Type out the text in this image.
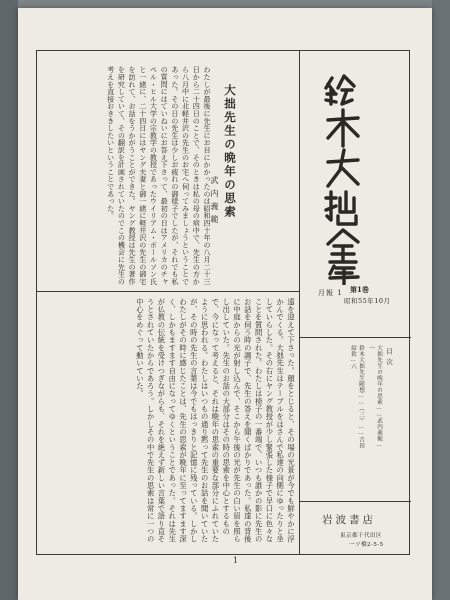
わたしが最後に先生にお目にかかったのは昭和四十年の八月二十三日から二十四日のことで、そのときは私の母の病中で、先生の方から八月中に北軽井沢の先生のお宅へ伺ってみましょうということであった。その日の先生は少しお疲れの御様子でしたが、それでも私の質問にはていねいにお答え下さって、最初の日はアメリカのチャペル・ヒル大学の宗教学の教授であったウイリアム・ポールソン氏と一緒に、二十四日にはヤング夫妻と御一緒に軽井沢の先生の御宅を訪れて、お話をうかがうことができた。ヤング教授は先生の著作を研究していて、その翻訳を計画されていたのでこの機会に先生の考えを直接おききしたいということであった。	大拙先生の晩年の思索
武内義範
遠を迎えて下さった。顔をとじると、その場の光景が今でも鮮やかに浮かんでくる。大拙先生はテーブルをはさんで私達の向側にゆったりと坐していらした。その右にヤング教授が少し緊張した様子で早口に色々なことを質問された。わたしは椅子の一番端で、いつも誰かの影に先生のお話を伺う時の調子で、先生の答えを聞くばかりであった。私達の背後に中庭からの光が射し込んで、そこから午後の光が先生の白い眉を照らし出していた。先生のお話の大部分はその時の思索を中心とするもので、今になって考えると、それは晩年の思索の重要な部分にふれていたように思われる。わたしはいつもの通り黙って先生のお話を聞いていたが、その時の先生の言葉は今でもはっきりと記憶に残っている。しかしわたしがその時に感じたことは、先生の思索が晩年に至ってますます深く、しかもますます自由になってゆくということであった。それは先生が仏教の伝統を受けつぎながらも、それを絶えず新しい言葉で語り直そうとされていたからであろう。しかしその中で先生の思索は常に一つの中心をめぐって動いていた。
月報 1 第1巻
昭和55年10月
目次
大拙先生の晩年の思索……武内義範…一
鈴木大拙先生随想……（三）……吉田紹欽…六
岩波書店
東京都千代田区
一ツ橋2-5-5
1
